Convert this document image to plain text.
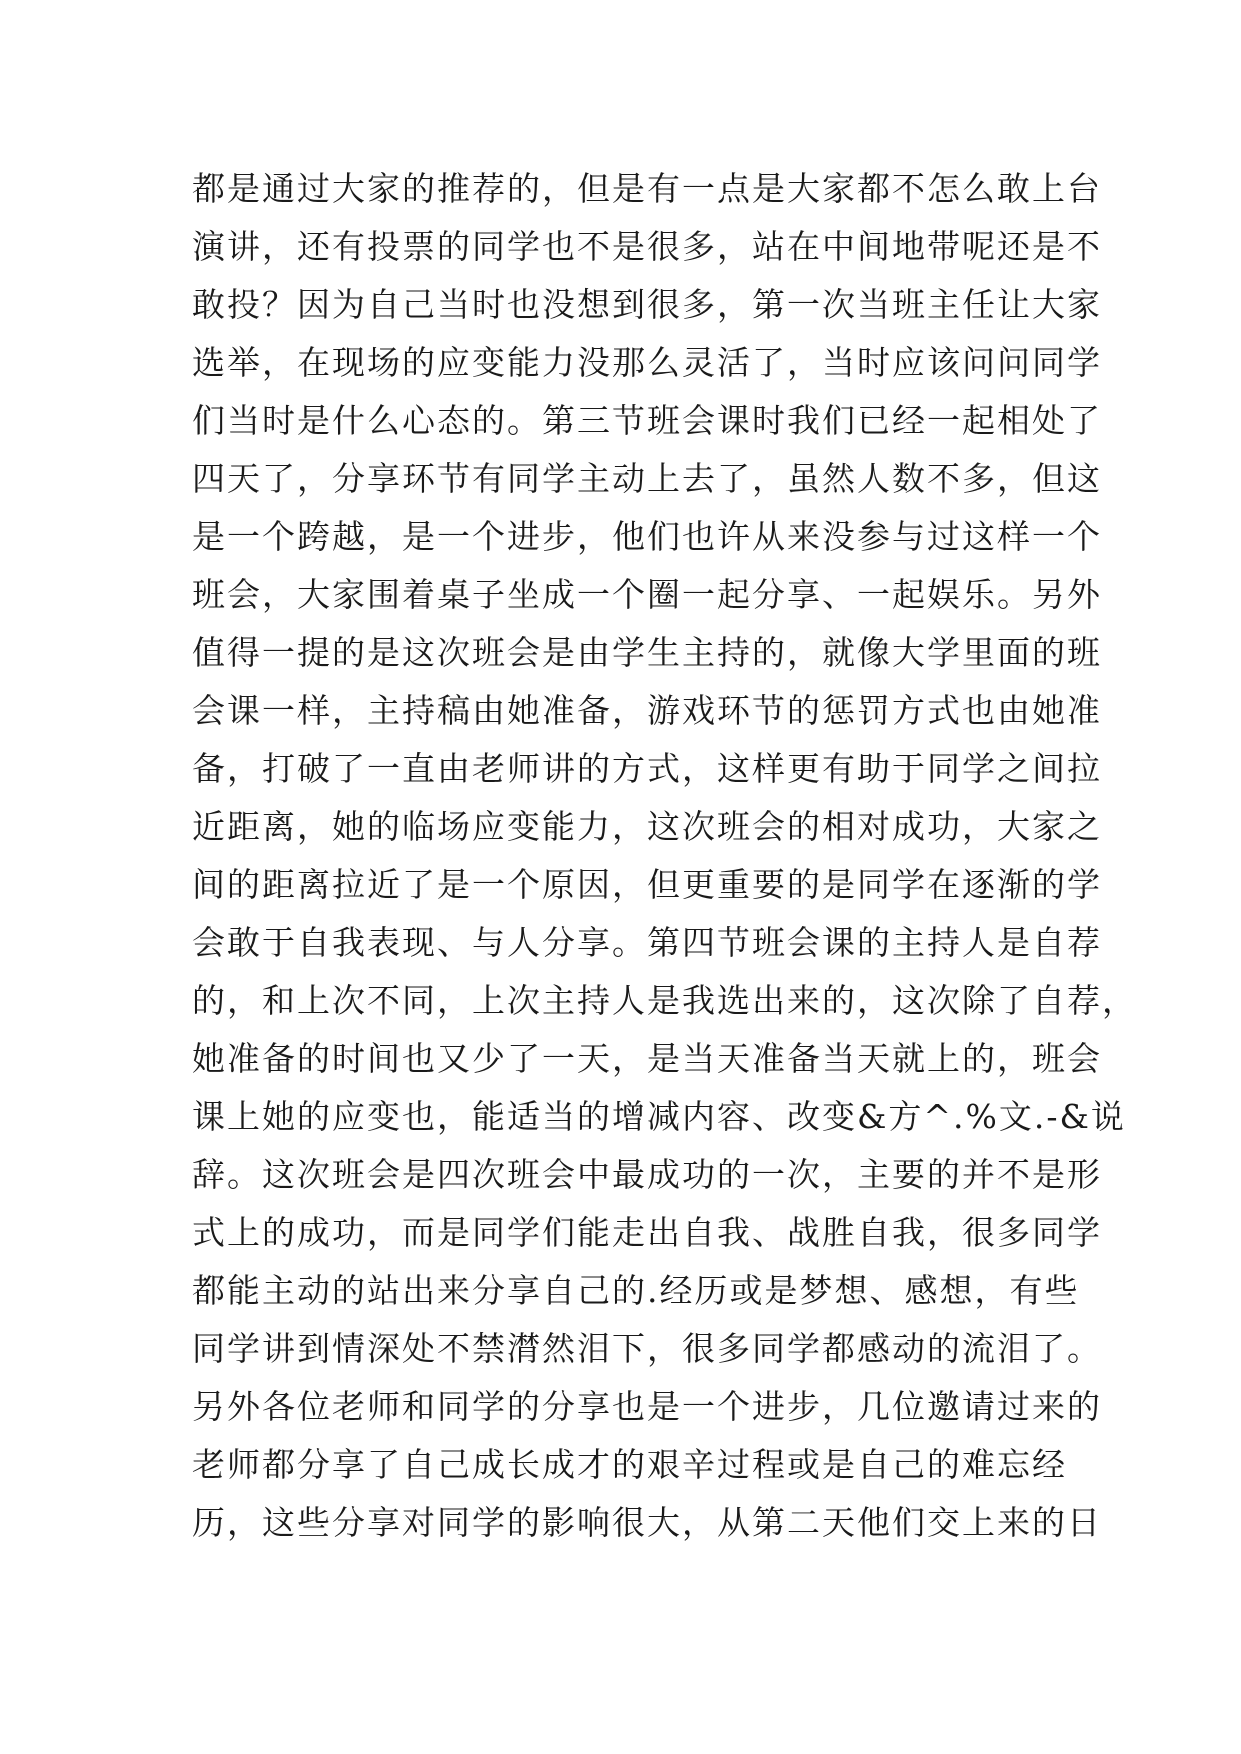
都是通过大家的推荐的，但是有一点是大家都不怎么敢上台
演讲，还有投票的同学也不是很多，站在中间地带呢还是不
敢投？因为自己当时也没想到很多，第一次当班主任让大家
选举，在现场的应变能力没那么灵活了，当时应该问问同学
们当时是什么心态的。第三节班会课时我们已经一起相处了
四天了，分享环节有同学主动上去了，虽然人数不多，但这
是一个跨越，是一个进步，他们也许从来没参与过这样一个
班会，大家围着桌子坐成一个圈一起分享、一起娱乐。另外
值得一提的是这次班会是由学生主持的，就像大学里面的班
会课一样，主持稿由她准备，游戏环节的惩罚方式也由她准
备，打破了一直由老师讲的方式，这样更有助于同学之间拉
近距离，她的临场应变能力，这次班会的相对成功，大家之
间的距离拉近了是一个原因，但更重要的是同学在逐渐的学
会敢于自我表现、与人分享。第四节班会课的主持人是自荐
的，和上次不同，上次主持人是我选出来的，这次除了自荐，
她准备的时间也又少了一天，是当天准备当天就上的，班会
课上她的应变也，能适当的增减内容、改变&方^.%文.-&说
辞。这次班会是四次班会中最成功的一次，主要的并不是形
式上的成功，而是同学们能走出自我、战胜自我，很多同学
都能主动的站出来分享自己的.经历或是梦想、感想，有些
同学讲到情深处不禁潸然泪下，很多同学都感动的流泪了。
另外各位老师和同学的分享也是一个进步，几位邀请过来的
老师都分享了自己成长成才的艰辛过程或是自己的难忘经
历，这些分享对同学的影响很大，从第二天他们交上来的日
